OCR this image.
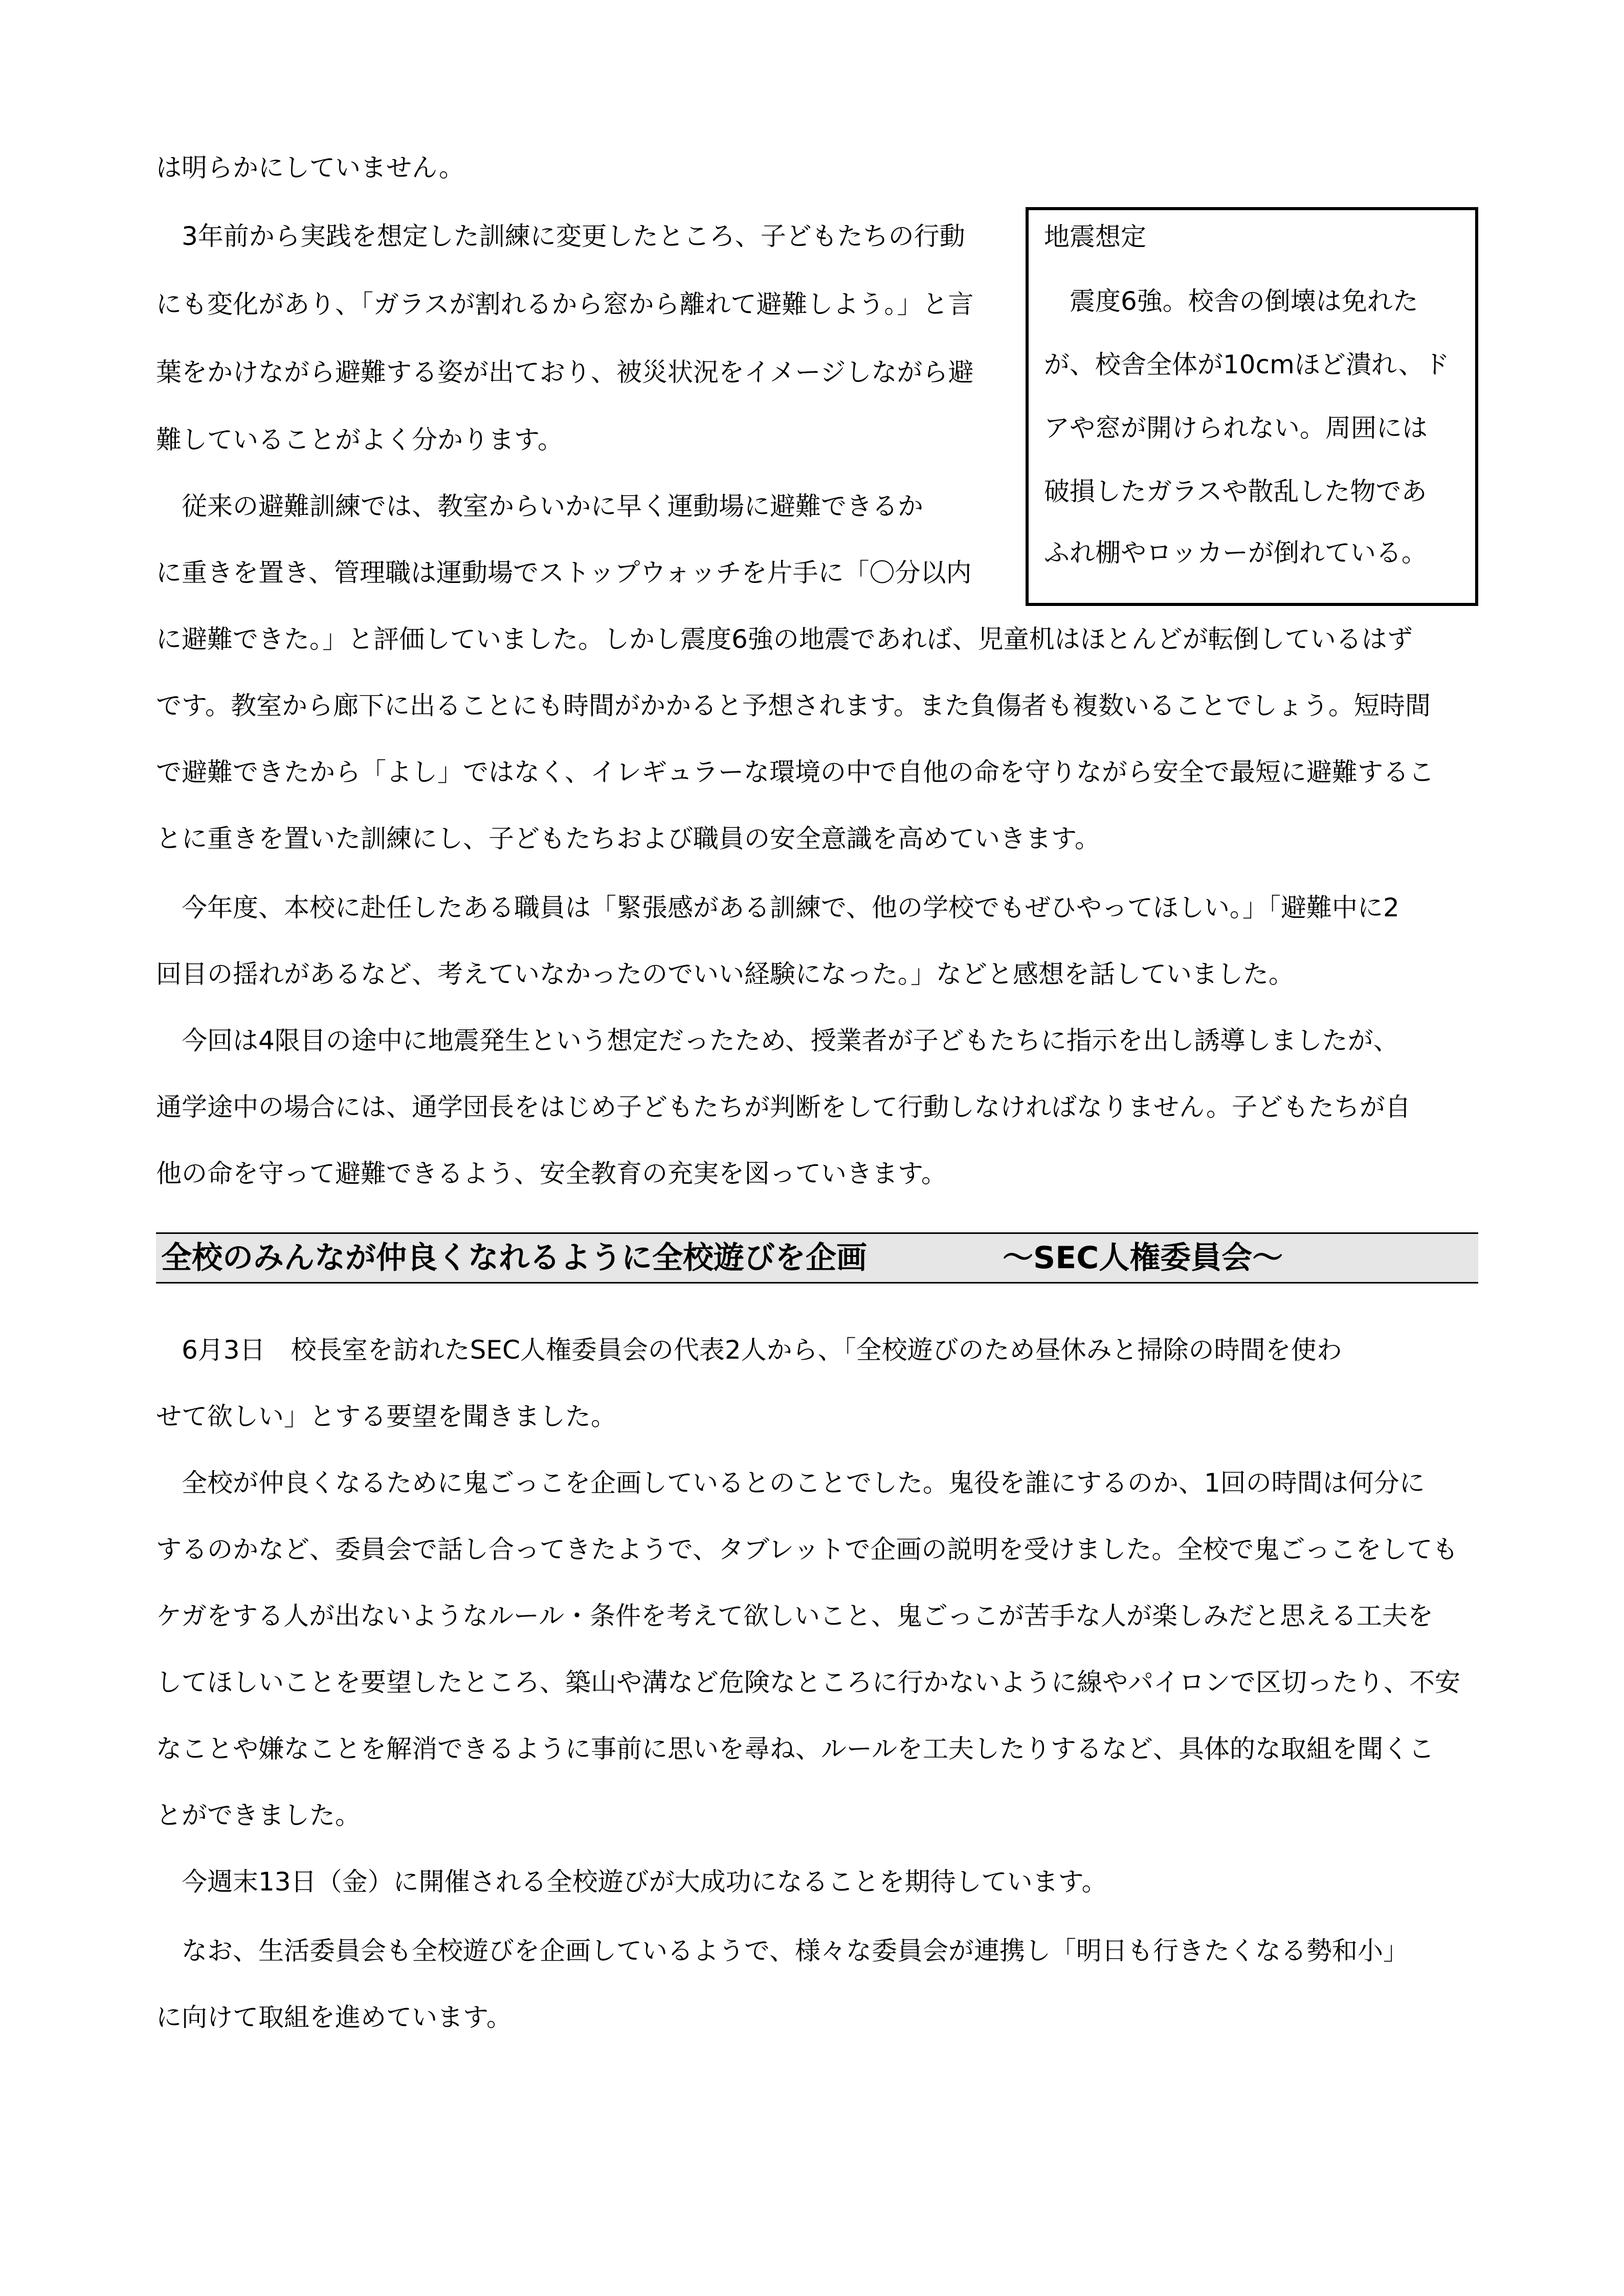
は明らかにしていません。

　3年前から実践を想定した訓練に変更したところ、子どもたちの行動

にも変化があり、「ガラスが割れるから窓から離れて避難しよう。」と言

葉をかけながら避難する姿が出ており、被災状況をイメージしながら避

難していることがよく分かります。

　従来の避難訓練では、教室からいかに早く運動場に避難できるか

に重きを置き、管理職は運動場でストップウォッチを片手に「〇分以内

に避難できた。」と評価していました。しかし震度6強の地震であれば、児童机はほとんどが転倒しているはず

です。教室から廊下に出ることにも時間がかかると予想されます。また負傷者も複数いることでしょう。短時間

で避難できたから「よし」ではなく、イレギュラーな環境の中で自他の命を守りながら安全で最短に避難するこ

とに重きを置いた訓練にし、子どもたちおよび職員の安全意識を高めていきます。

　今年度、本校に赴任したある職員は「緊張感がある訓練で、他の学校でもぜひやってほしい。」「避難中に2

回目の揺れがあるなど、考えていなかったのでいい経験になった。」などと感想を話していました。

　今回は4限目の途中に地震発生という想定だったため、授業者が子どもたちに指示を出し誘導しましたが、

通学途中の場合には、通学団長をはじめ子どもたちが判断をして行動しなければなりません。子どもたちが自

他の命を守って避難できるよう、安全教育の充実を図っていきます。

地震想定
　震度6強。校舎の倒壊は免れた
が、校舎全体が10cmほど潰れ、ド
アや窓が開けられない。周囲には
破損したガラスや散乱した物であ
ふれ棚やロッカーが倒れている。
全校のみんなが仲良くなれるように全校遊びを企画	～SEC人権委員会～

　6月3日　校長室を訪れたSEC人権委員会の代表2人から、「全校遊びのため昼休みと掃除の時間を使わ

せて欲しい」とする要望を聞きました。

　全校が仲良くなるために鬼ごっこを企画しているとのことでした。鬼役を誰にするのか、1回の時間は何分に

するのかなど、委員会で話し合ってきたようで、タブレットで企画の説明を受けました。全校で鬼ごっこをしても

ケガをする人が出ないようなルール・条件を考えて欲しいこと、鬼ごっこが苦手な人が楽しみだと思える工夫を

してほしいことを要望したところ、築山や溝など危険なところに行かないように線やパイロンで区切ったり、不安

なことや嫌なことを解消できるように事前に思いを尋ね、ルールを工夫したりするなど、具体的な取組を聞くこ

とができました。

　今週末13日（金）に開催される全校遊びが大成功になることを期待しています。

　なお、生活委員会も全校遊びを企画しているようで、様々な委員会が連携し「明日も行きたくなる勢和小」

に向けて取組を進めています。
